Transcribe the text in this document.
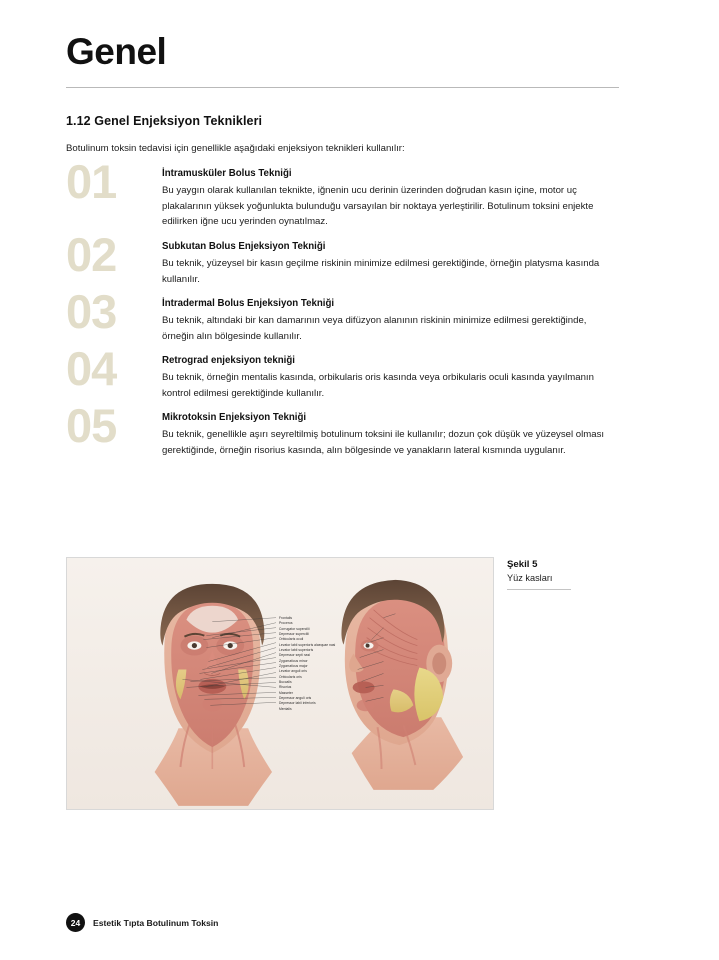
Genel

1.12 Genel Enjeksiyon Teknikleri

Botulinum toksin tedavisi için genellikle aşağıdaki enjeksiyon teknikleri kullanılır:

01	İntramusküler Bolus Tekniği

Bu yaygın olarak kullanılan teknikte, iğnenin ucu derinin üzerinden doğrudan kasın içine, motor uç plakalarının yüksek yoğunlukta bulunduğu varsayılan bir noktaya yerleştirilir. Botulinum toksini enjekte edilirken iğne ucu yerinden oynatılmaz.

02	Subkutan Bolus Enjeksiyon Tekniği

Bu teknik, yüzeysel bir kasın geçilme riskinin minimize edilmesi gerektiğinde, örneğin platysma kasında kullanılır.

03	İntradermal Bolus Enjeksiyon Tekniği

Bu teknik, altındaki bir kan damarının veya difüzyon alanının riskinin minimize edilmesi gerektiğinde, örneğin alın bölgesinde kullanılır.

04	Retrograd enjeksiyon tekniği

Bu teknik, örneğin mentalis kasında, orbikularis oris kasında veya orbikularis oculi kasında yayılmanın kontrol edilmesi gerektiğinde kullanılır.

05	Mikrotoksin Enjeksiyon Tekniği

Bu teknik, genellikle aşırı seyreltilmiş botulinum toksini ile kullanılır; dozun çok düşük ve yüzeysel olması gerektiğinde, örneğin risorius kasında, alın bölgesinde ve yanakların lateral kısmında uygulanır.

Frontalis
Procerus
Corrugator supercilii
Depressor supercilii
Orbicularis oculi
Levator labii superioris alaequae nasi
Levator labii superioris
Depressor septi nasi
Zygomaticus minor
Zygomaticus major
Levator anguli oris
Orbicularis oris
Buccalis
Risorius
Masseter
Depressor anguli oris
Depressor labii inferioris
Mentalis

Şekil 5

Yüz kasları

24	Estetik Tıpta Botulinum Toksin
